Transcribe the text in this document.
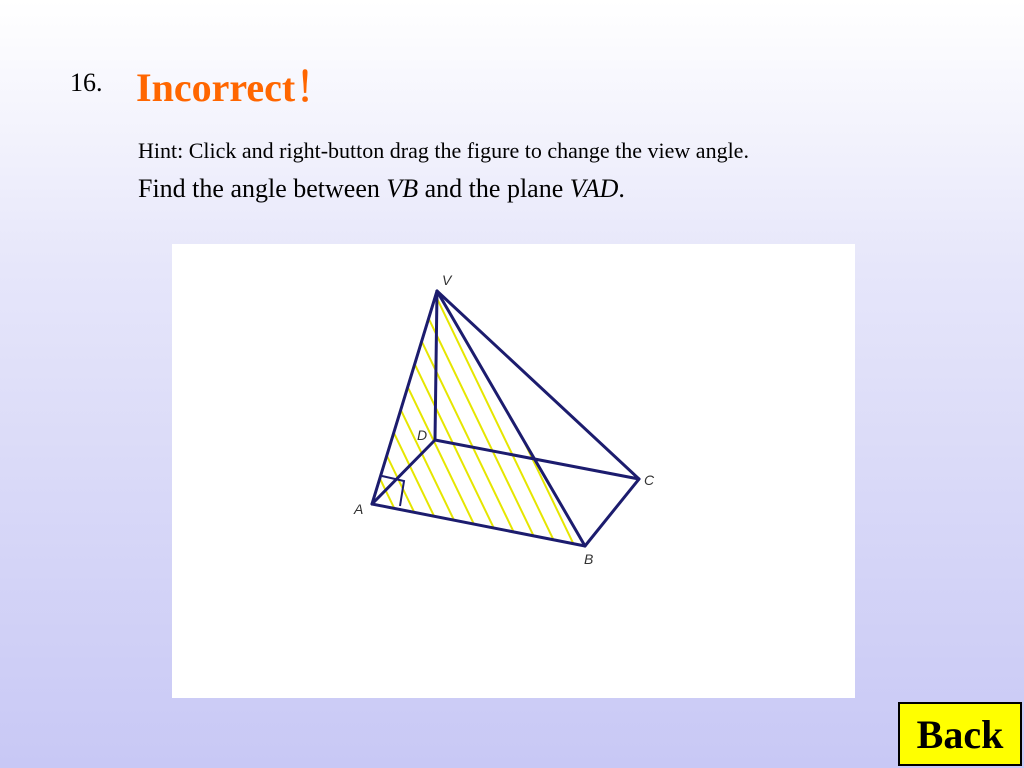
16. Incorrect！
Hint: Click and right-button drag the figure to change the view angle.
Find the angle between VB and the plane VAD.
V
A
B
C
D
Back
